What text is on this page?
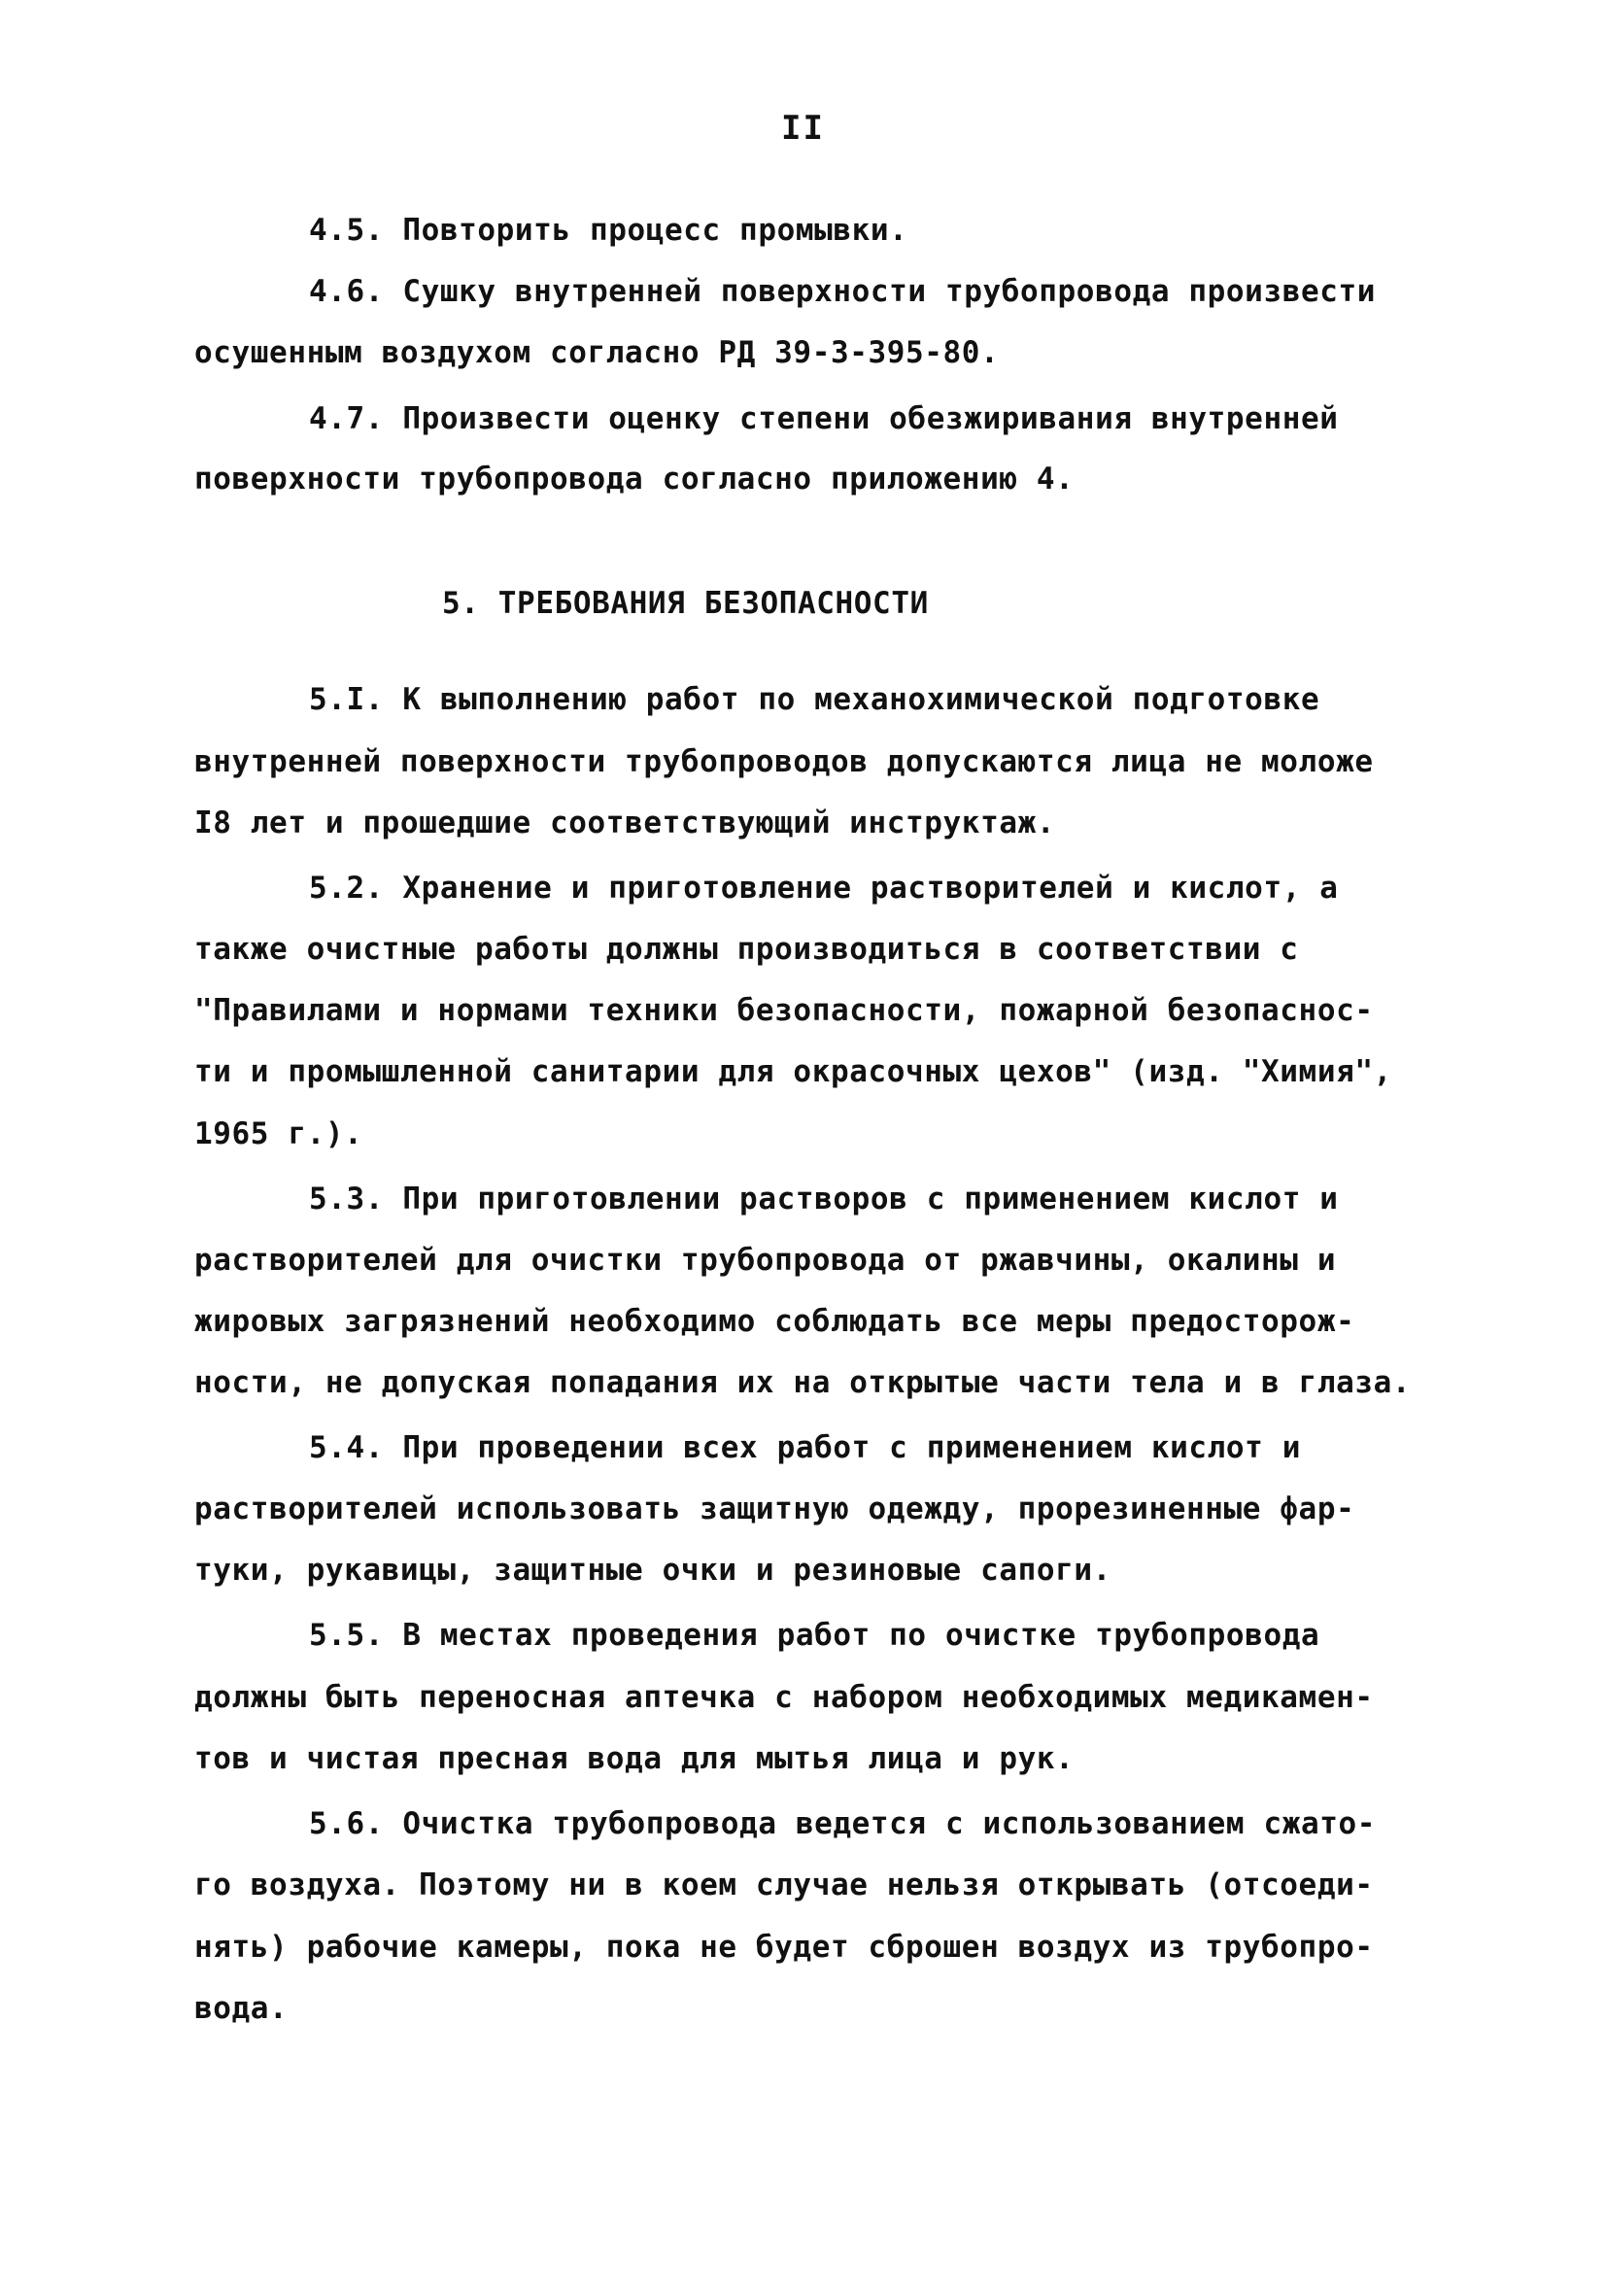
II
4.5. Повторить процесс промывки.
4.6. Сушку внутренней поверхности трубопровода произвести
осушенным воздухом согласно РД 39-3-395-80.
4.7. Произвести оценку степени обезжиривания внутренней
поверхности трубопровода согласно приложению 4.
5. ТРЕБОВАНИЯ БЕЗОПАСНОСТИ
5.I. К выполнению работ по механохимической подготовке
внутренней поверхности трубопроводов допускаются лица не моложе
I8 лет и прошедшие соответствующий инструктаж.
5.2. Хранение и приготовление растворителей и кислот, а
также очистные работы должны производиться в соответствии с
"Правилами и нормами техники безопасности, пожарной безопаснос-
ти и промышленной санитарии для окрасочных цехов" (изд. "Химия",
1965 г.).
5.3. При приготовлении растворов с применением кислот и
растворителей для очистки трубопровода от ржавчины, окалины и
жировых загрязнений необходимо соблюдать все меры предосторож-
ности, не допуская попадания их на открытые части тела и в глаза.
5.4. При проведении всех работ с применением кислот и
растворителей использовать защитную одежду, прорезиненные фар-
туки, рукавицы, защитные очки и резиновые сапоги.
5.5. В местах проведения работ по очистке трубопровода
должны быть переносная аптечка с набором необходимых медикамен-
тов и чистая пресная вода для мытья лица и рук.
5.6. Очистка трубопровода ведется с использованием сжато-
го воздуха. Поэтому ни в коем случае нельзя открывать (отсоеди-
нять) рабочие камеры, пока не будет сброшен воздух из трубопро-
вода.
